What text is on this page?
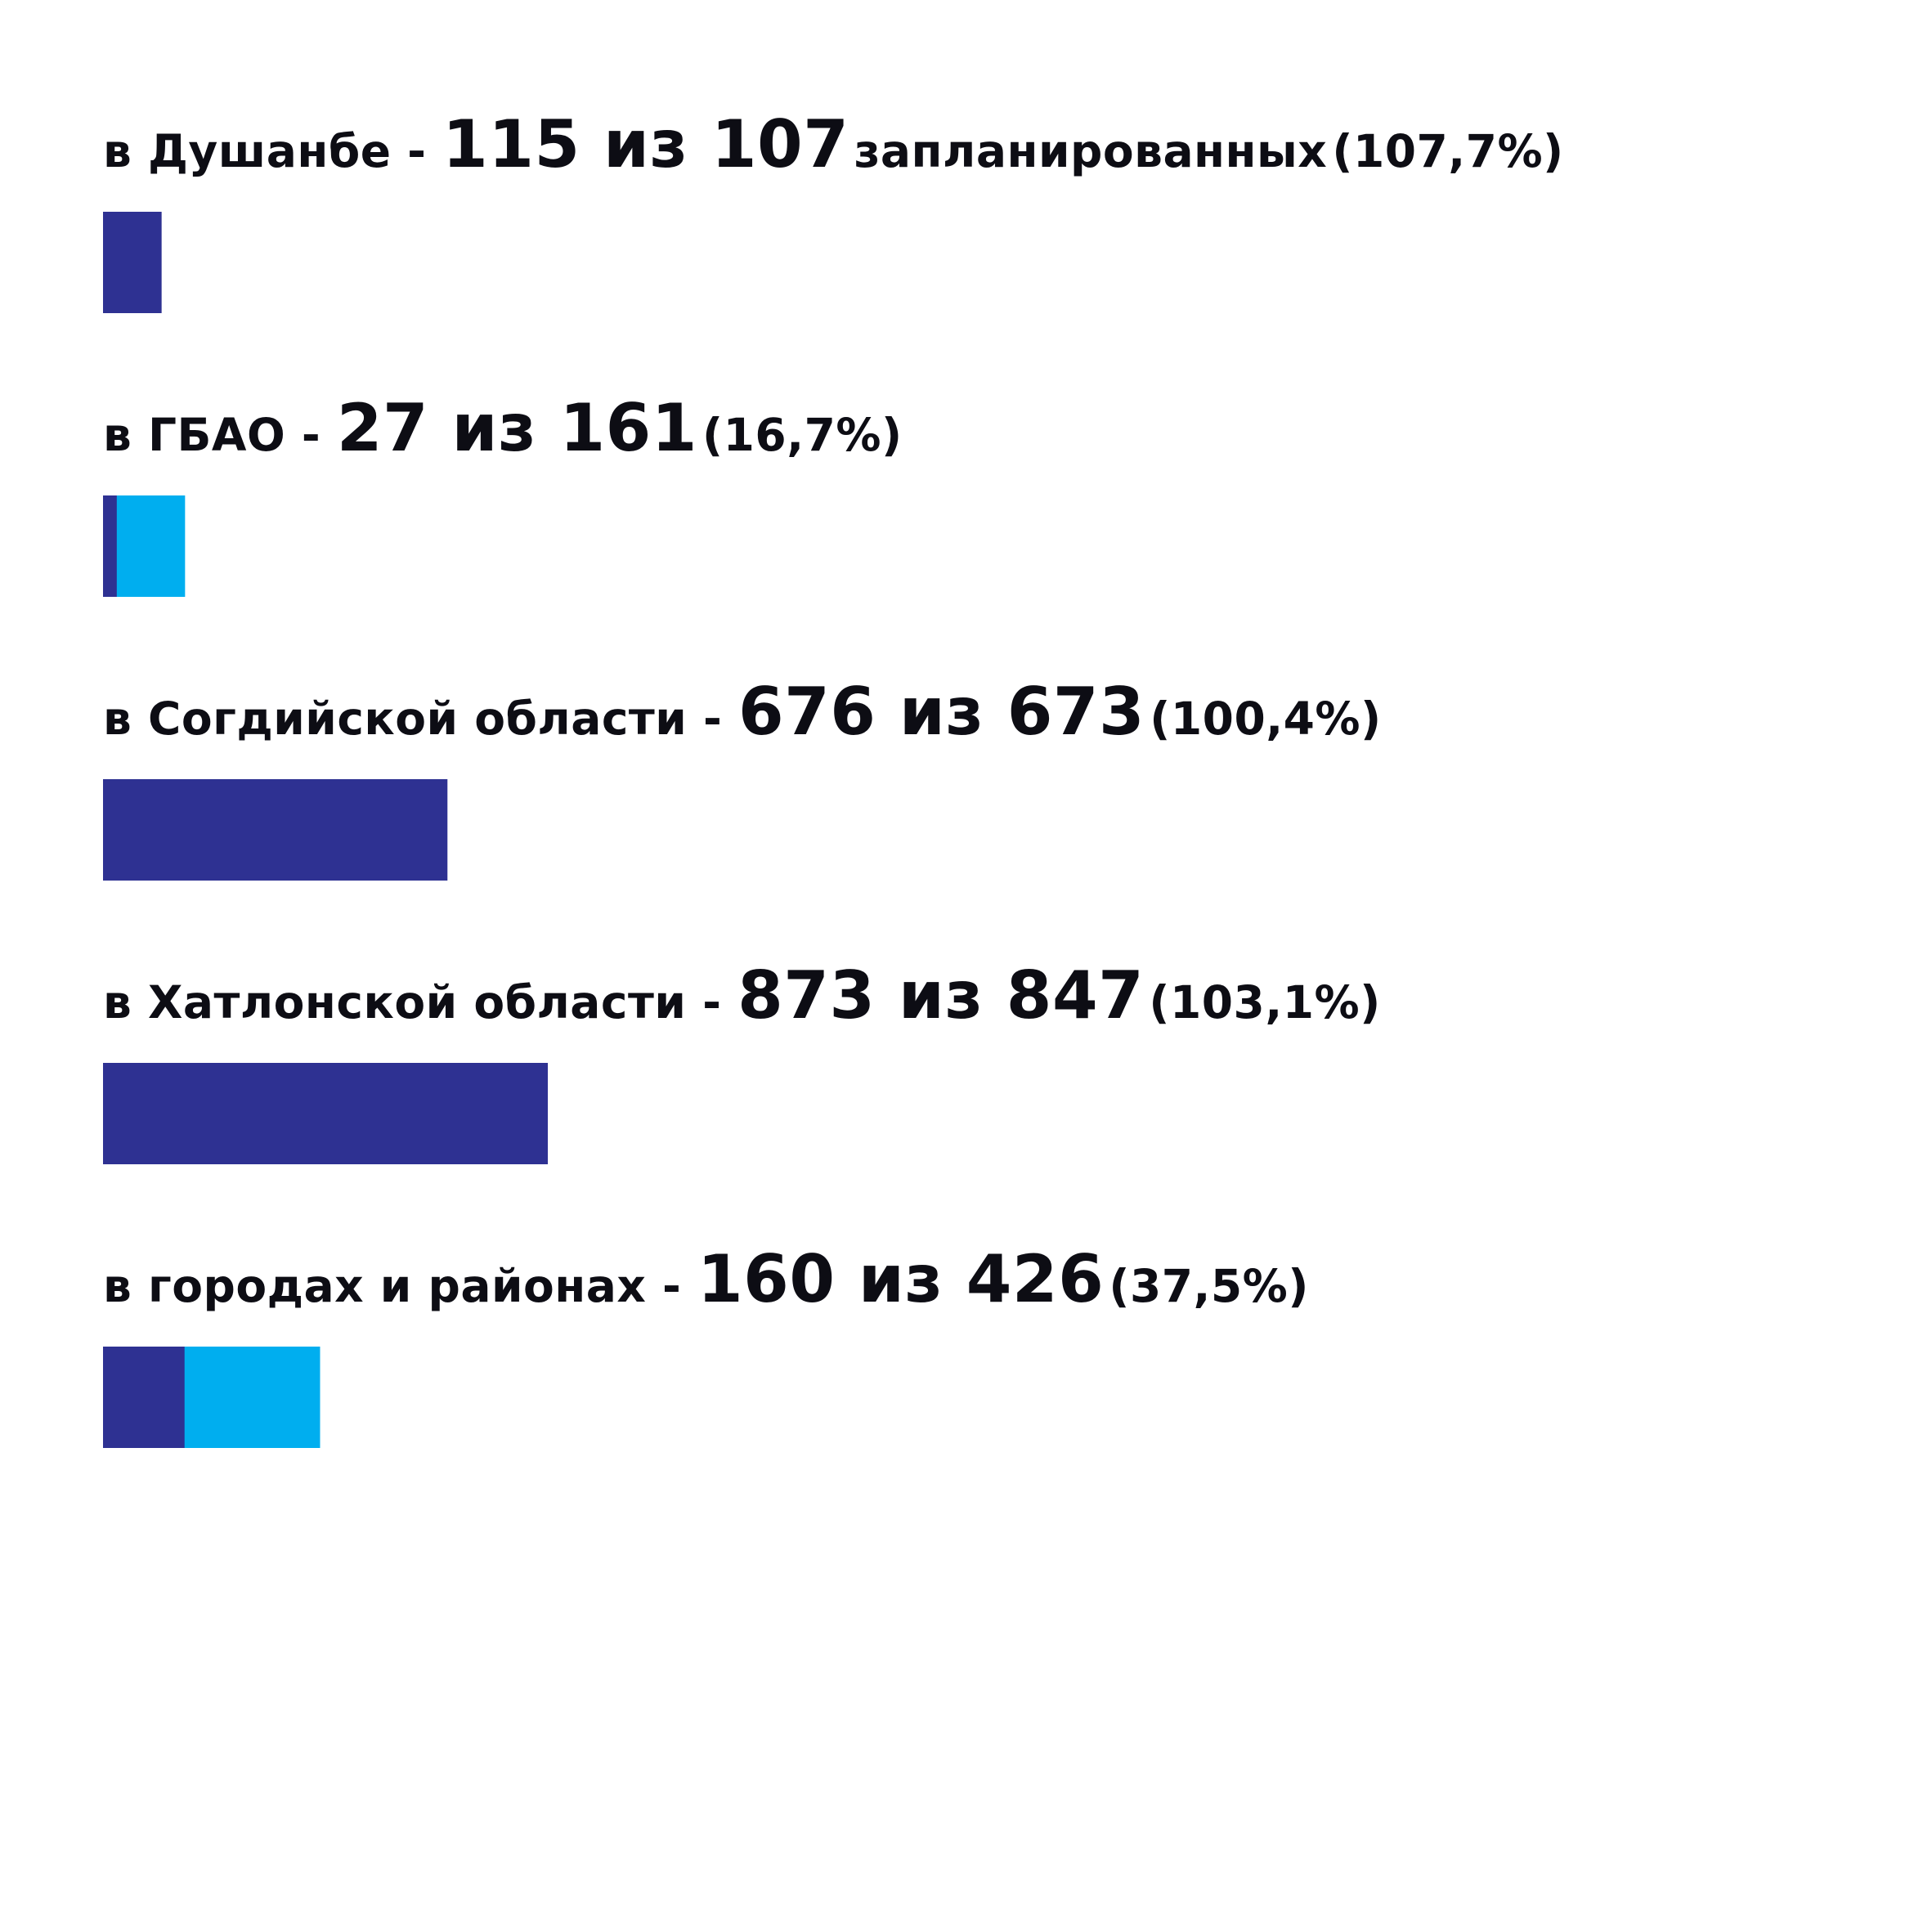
в Душанбе - 115 из 107 запланированных (107,7%)
в ГБАО - 27 из 161 (16,7%)
в Согдийской области - 676 из 673 (100,4%)
в Хатлонской области - 873 из 847 (103,1%)
в городах и районах - 160 из 426 (37,5%)
